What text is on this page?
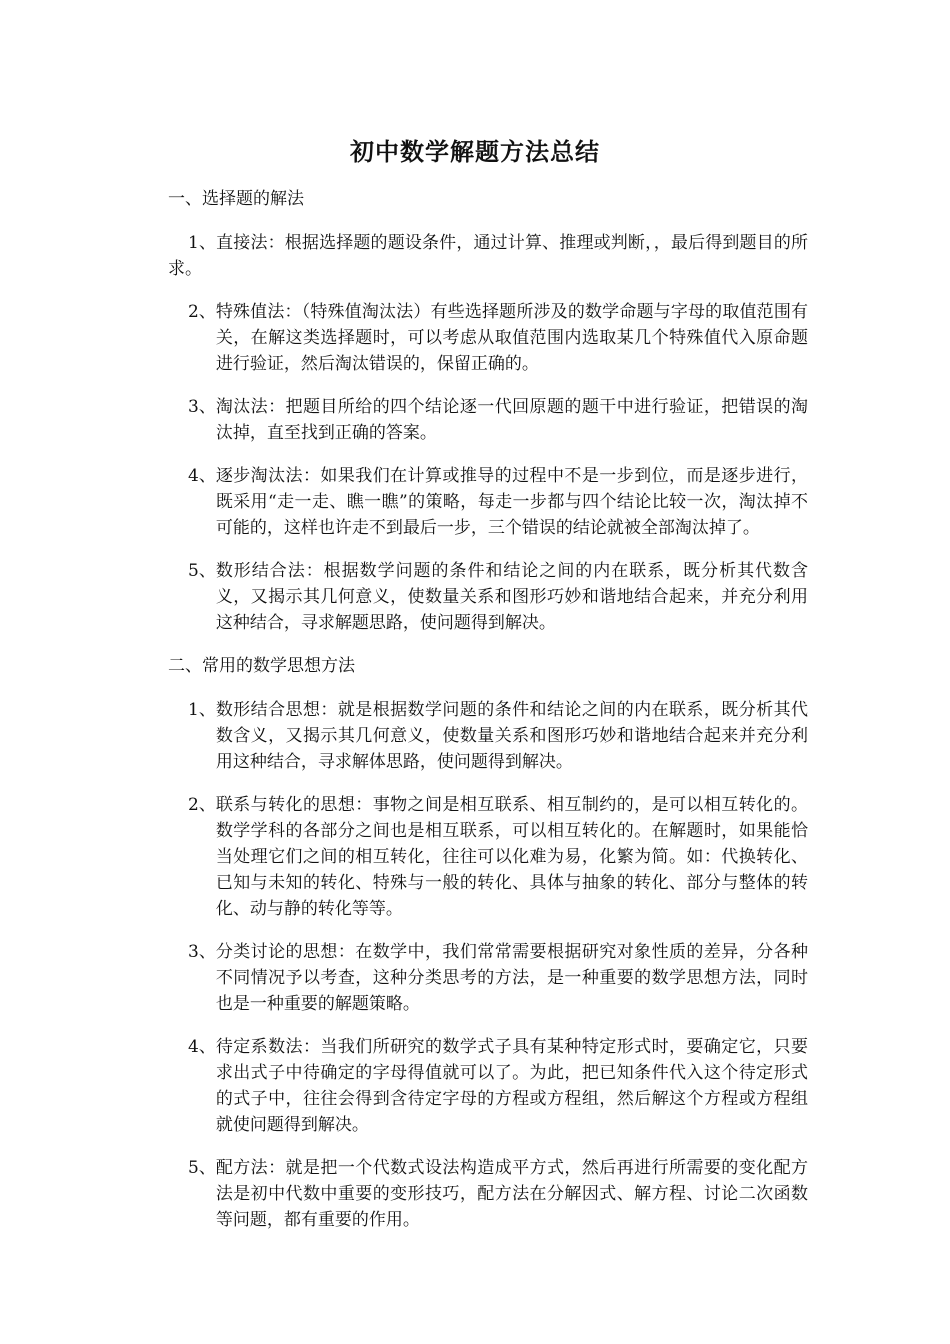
初中数学解题方法总结

一、选择题的解法

1、直接法：根据选择题的题设条件，通过计算、推理或判断，，最后得到题目的所求。

2、 特殊值法：（特殊值淘汰法）有些选择题所涉及的数学命题与字母的取值范围有关，在解这类选择题时，可以考虑从取值范围内选取某几个特殊值代入原命题进行验证，然后淘汰错误的，保留正确的。
3、 淘汰法：把题目所给的四个结论逐一代回原题的题干中进行验证，把错误的淘汰掉，直至找到正确的答案。
4、 逐步淘汰法：如果我们在计算或推导的过程中不是一步到位，而是逐步进行，既采用“走一走、瞧一瞧”的策略，每走一步都与四个结论比较一次，淘汰掉不可能的，这样也许走不到最后一步，三个错误的结论就被全部淘汰掉了。
5、 数形结合法：根据数学问题的条件和结论之间的内在联系，既分析其代数含义，又揭示其几何意义，使数量关系和图形巧妙和谐地结合起来，并充分利用这种结合，寻求解题思路，使问题得到解决。

二、常用的数学思想方法

1、 数形结合思想：就是根据数学问题的条件和结论之间的内在联系，既分析其代数含义，又揭示其几何意义，使数量关系和图形巧妙和谐地结合起来并充分利用这种结合，寻求解体思路，使问题得到解决。
2、 联系与转化的思想：事物之间是相互联系、相互制约的，是可以相互转化的。数学学科的各部分之间也是相互联系，可以相互转化的。在解题时，如果能恰当处理它们之间的相互转化，往往可以化难为易，化繁为简。如：代换转化、已知与未知的转化、特殊与一般的转化、具体与抽象的转化、部分与整体的转化、动与静的转化等等。
3、 分类讨论的思想：在数学中，我们常常需要根据研究对象性质的差异，分各种不同情况予以考查，这种分类思考的方法，是一种重要的数学思想方法，同时也是一种重要的解题策略。
4、 待定系数法：当我们所研究的数学式子具有某种特定形式时，要确定它，只要求出式子中待确定的字母得值就可以了。为此，把已知条件代入这个待定形式的式子中，往往会得到含待定字母的方程或方程组，然后解这个方程或方程组就使问题得到解决。
5、 配方法：就是把一个代数式设法构造成平方式，然后再进行所需要的变化配方法是初中代数中重要的变形技巧，配方法在分解因式、解方程、讨论二次函数等问题，都有重要的作用。
